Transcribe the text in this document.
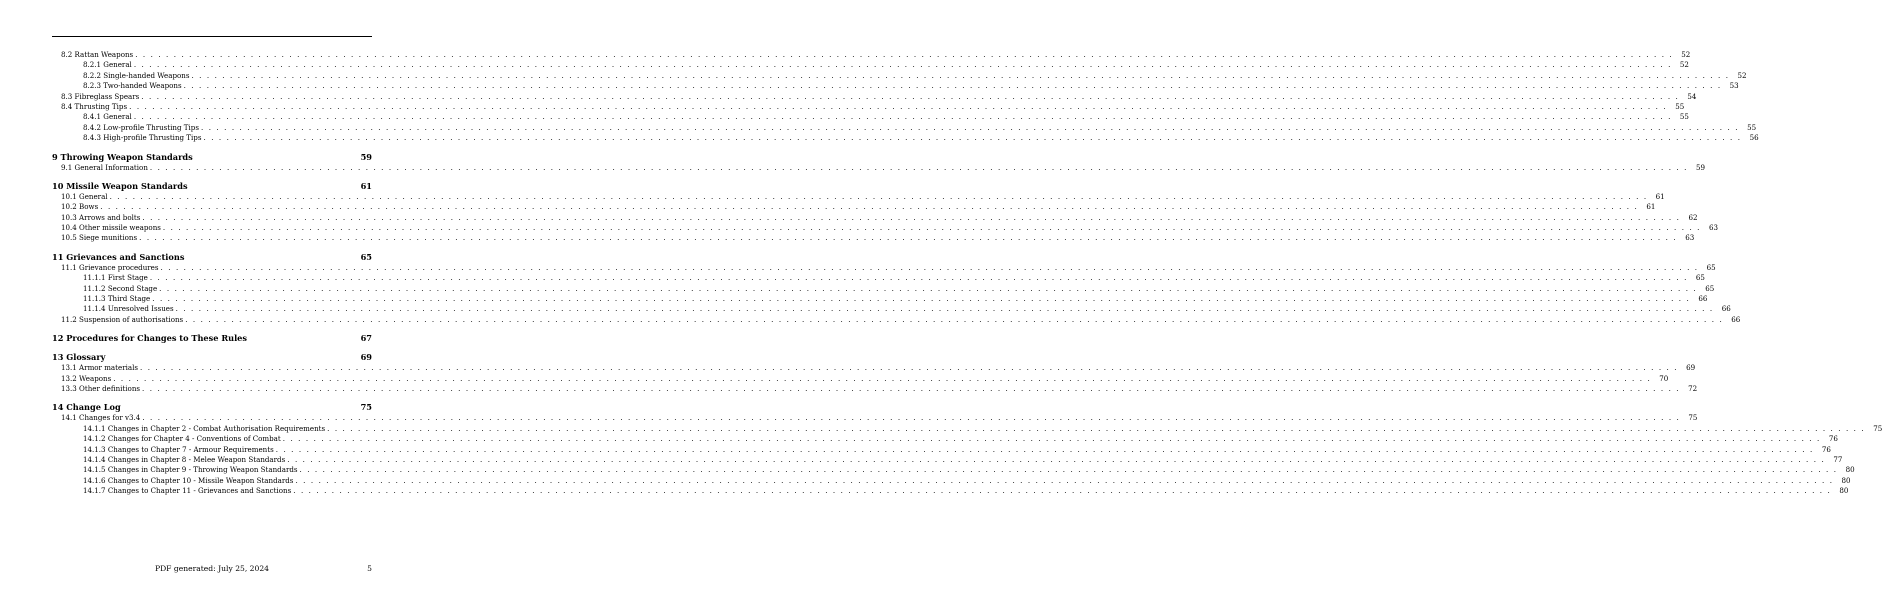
8.2 Rattan Weapons . . . . . . . . . . . . . . . . . . . . . . . . . . . . . . . . . . . . . . . . . . . . . . . . . . . . . . . . . . . . . . . . . . . . . . . . . . . . . . . . . . . . . . . . . . . . . . . . . . . . . . . . . . . . . . . . . . . . . . . . . . . . . . . . . . . . . . . . . . . . . . . . . . . . . . . . . . . . . . . . . . . . . . . . . . . . . . . . . . . . . . . . . . . . . . . . . . . . . . . .	52
8.2.1 General . . . . . . . . . . . . . . . . . . . . . . . . . . . . . . . . . . . . . . . . . . . . . . . . . . . . . . . . . . . . . . . . . . . . . . . . . . . . . . . . . . . . . . . . . . . . . . . . . . . . . . . . . . . . . . . . . . . . . . . . . . . . . . . . . . . . . . . . . . . . . . . . . . . . . . . . . . . . . . . . . . . . . . . . . . . . . . . . . . . . . . . . . . . . . . . . . . . . . . . .	52
8.2.2 Single-handed Weapons . . . . . . . . . . . . . . . . . . . . . . . . . . . . . . . . . . . . . . . . . . . . . . . . . . . . . . . . . . . . . . . . . . . . . . . . . . . . . . . . . . . . . . . . . . . . . . . . . . . . . . . . . . . . . . . . . . . . . . . . . . . . . . . . . . . . . . . . . . . . . . . . . . . . . . . . . . . . . . . . . . . . . . . . . . . . . . . . . . . . . . . . . . . . . . . . . . . . . . . .	52
8.2.3 Two-handed Weapons . . . . . . . . . . . . . . . . . . . . . . . . . . . . . . . . . . . . . . . . . . . . . . . . . . . . . . . . . . . . . . . . . . . . . . . . . . . . . . . . . . . . . . . . . . . . . . . . . . . . . . . . . . . . . . . . . . . . . . . . . . . . . . . . . . . . . . . . . . . . . . . . . . . . . . . . . . . . . . . . . . . . . . . . . . . . . . . . . . . . . . . . . . . . . . . . . . . . . . . .	53
8.3 Fibreglass Spears . . . . . . . . . . . . . . . . . . . . . . . . . . . . . . . . . . . . . . . . . . . . . . . . . . . . . . . . . . . . . . . . . . . . . . . . . . . . . . . . . . . . . . . . . . . . . . . . . . . . . . . . . . . . . . . . . . . . . . . . . . . . . . . . . . . . . . . . . . . . . . . . . . . . . . . . . . . . . . . . . . . . . . . . . . . . . . . . . . . . . . . . . . . . . . . . . . . . . . . .	54
8.4 Thrusting Tips . . . . . . . . . . . . . . . . . . . . . . . . . . . . . . . . . . . . . . . . . . . . . . . . . . . . . . . . . . . . . . . . . . . . . . . . . . . . . . . . . . . . . . . . . . . . . . . . . . . . . . . . . . . . . . . . . . . . . . . . . . . . . . . . . . . . . . . . . . . . . . . . . . . . . . . . . . . . . . . . . . . . . . . . . . . . . . . . . . . . . . . . . . . . . . . . . . . . . . . .	55
8.4.1 General . . . . . . . . . . . . . . . . . . . . . . . . . . . . . . . . . . . . . . . . . . . . . . . . . . . . . . . . . . . . . . . . . . . . . . . . . . . . . . . . . . . . . . . . . . . . . . . . . . . . . . . . . . . . . . . . . . . . . . . . . . . . . . . . . . . . . . . . . . . . . . . . . . . . . . . . . . . . . . . . . . . . . . . . . . . . . . . . . . . . . . . . . . . . . . . . . . . . . . . .	55
8.4.2 Low-profile Thrusting Tips . . . . . . . . . . . . . . . . . . . . . . . . . . . . . . . . . . . . . . . . . . . . . . . . . . . . . . . . . . . . . . . . . . . . . . . . . . . . . . . . . . . . . . . . . . . . . . . . . . . . . . . . . . . . . . . . . . . . . . . . . . . . . . . . . . . . . . . . . . . . . . . . . . . . . . . . . . . . . . . . . . . . . . . . . . . . . . . . . . . . . . . . . . . . . . . . . . . . . . . .	55
8.4.3 High-profile Thrusting Tips . . . . . . . . . . . . . . . . . . . . . . . . . . . . . . . . . . . . . . . . . . . . . . . . . . . . . . . . . . . . . . . . . . . . . . . . . . . . . . . . . . . . . . . . . . . . . . . . . . . . . . . . . . . . . . . . . . . . . . . . . . . . . . . . . . . . . . . . . . . . . . . . . . . . . . . . . . . . . . . . . . . . . . . . . . . . . . . . . . . . . . . . . . . . . . . . . . . . . . . .	56
9 Throwing Weapon Standards	59
9.1 General Information . . . . . . . . . . . . . . . . . . . . . . . . . . . . . . . . . . . . . . . . . . . . . . . . . . . . . . . . . . . . . . . . . . . . . . . . . . . . . . . . . . . . . . . . . . . . . . . . . . . . . . . . . . . . . . . . . . . . . . . . . . . . . . . . . . . . . . . . . . . . . . . . . . . . . . . . . . . . . . . . . . . . . . . . . . . . . . . . . . . . . . . . . . . . . . . . . . . . . . . .	59
10 Missile Weapon Standards	61
10.1 General . . . . . . . . . . . . . . . . . . . . . . . . . . . . . . . . . . . . . . . . . . . . . . . . . . . . . . . . . . . . . . . . . . . . . . . . . . . . . . . . . . . . . . . . . . . . . . . . . . . . . . . . . . . . . . . . . . . . . . . . . . . . . . . . . . . . . . . . . . . . . . . . . . . . . . . . . . . . . . . . . . . . . . . . . . . . . . . . . . . . . . . . . . . . . . . . . . . . . . . .	61
10.2 Bows . . . . . . . . . . . . . . . . . . . . . . . . . . . . . . . . . . . . . . . . . . . . . . . . . . . . . . . . . . . . . . . . . . . . . . . . . . . . . . . . . . . . . . . . . . . . . . . . . . . . . . . . . . . . . . . . . . . . . . . . . . . . . . . . . . . . . . . . . . . . . . . . . . . . . . . . . . . . . . . . . . . . . . . . . . . . . . . . . . . . . . . . . . . . . . . . . . . . . . . .	61
10.3 Arrows and bolts . . . . . . . . . . . . . . . . . . . . . . . . . . . . . . . . . . . . . . . . . . . . . . . . . . . . . . . . . . . . . . . . . . . . . . . . . . . . . . . . . . . . . . . . . . . . . . . . . . . . . . . . . . . . . . . . . . . . . . . . . . . . . . . . . . . . . . . . . . . . . . . . . . . . . . . . . . . . . . . . . . . . . . . . . . . . . . . . . . . . . . . . . . . . . . . . . . . . . . . .	62
10.4 Other missile weapons . . . . . . . . . . . . . . . . . . . . . . . . . . . . . . . . . . . . . . . . . . . . . . . . . . . . . . . . . . . . . . . . . . . . . . . . . . . . . . . . . . . . . . . . . . . . . . . . . . . . . . . . . . . . . . . . . . . . . . . . . . . . . . . . . . . . . . . . . . . . . . . . . . . . . . . . . . . . . . . . . . . . . . . . . . . . . . . . . . . . . . . . . . . . . . . . . . . . . . . .	63
10.5 Siege munitions . . . . . . . . . . . . . . . . . . . . . . . . . . . . . . . . . . . . . . . . . . . . . . . . . . . . . . . . . . . . . . . . . . . . . . . . . . . . . . . . . . . . . . . . . . . . . . . . . . . . . . . . . . . . . . . . . . . . . . . . . . . . . . . . . . . . . . . . . . . . . . . . . . . . . . . . . . . . . . . . . . . . . . . . . . . . . . . . . . . . . . . . . . . . . . . . . . . . . . . .	63
11 Grievances and Sanctions	65
11.1 Grievance procedures . . . . . . . . . . . . . . . . . . . . . . . . . . . . . . . . . . . . . . . . . . . . . . . . . . . . . . . . . . . . . . . . . . . . . . . . . . . . . . . . . . . . . . . . . . . . . . . . . . . . . . . . . . . . . . . . . . . . . . . . . . . . . . . . . . . . . . . . . . . . . . . . . . . . . . . . . . . . . . . . . . . . . . . . . . . . . . . . . . . . . . . . . . . . . . . . . . . . . . . .	65
11.1.1 First Stage . . . . . . . . . . . . . . . . . . . . . . . . . . . . . . . . . . . . . . . . . . . . . . . . . . . . . . . . . . . . . . . . . . . . . . . . . . . . . . . . . . . . . . . . . . . . . . . . . . . . . . . . . . . . . . . . . . . . . . . . . . . . . . . . . . . . . . . . . . . . . . . . . . . . . . . . . . . . . . . . . . . . . . . . . . . . . . . . . . . . . . . . . . . . . . . . . . . . . . . .	65
11.1.2 Second Stage . . . . . . . . . . . . . . . . . . . . . . . . . . . . . . . . . . . . . . . . . . . . . . . . . . . . . . . . . . . . . . . . . . . . . . . . . . . . . . . . . . . . . . . . . . . . . . . . . . . . . . . . . . . . . . . . . . . . . . . . . . . . . . . . . . . . . . . . . . . . . . . . . . . . . . . . . . . . . . . . . . . . . . . . . . . . . . . . . . . . . . . . . . . . . . . . . . . . . . . .	65
11.1.3 Third Stage . . . . . . . . . . . . . . . . . . . . . . . . . . . . . . . . . . . . . . . . . . . . . . . . . . . . . . . . . . . . . . . . . . . . . . . . . . . . . . . . . . . . . . . . . . . . . . . . . . . . . . . . . . . . . . . . . . . . . . . . . . . . . . . . . . . . . . . . . . . . . . . . . . . . . . . . . . . . . . . . . . . . . . . . . . . . . . . . . . . . . . . . . . . . . . . . . . . . . . . .	66
11.1.4 Unresolved Issues . . . . . . . . . . . . . . . . . . . . . . . . . . . . . . . . . . . . . . . . . . . . . . . . . . . . . . . . . . . . . . . . . . . . . . . . . . . . . . . . . . . . . . . . . . . . . . . . . . . . . . . . . . . . . . . . . . . . . . . . . . . . . . . . . . . . . . . . . . . . . . . . . . . . . . . . . . . . . . . . . . . . . . . . . . . . . . . . . . . . . . . . . . . . . . . . . . . . . . . .	66
11.2 Suspension of authorisations . . . . . . . . . . . . . . . . . . . . . . . . . . . . . . . . . . . . . . . . . . . . . . . . . . . . . . . . . . . . . . . . . . . . . . . . . . . . . . . . . . . . . . . . . . . . . . . . . . . . . . . . . . . . . . . . . . . . . . . . . . . . . . . . . . . . . . . . . . . . . . . . . . . . . . . . . . . . . . . . . . . . . . . . . . . . . . . . . . . . . . . . . . . . . . . . . . . . . . . .	66
12 Procedures for Changes to These Rules	67
13 Glossary	69
13.1 Armor materials . . . . . . . . . . . . . . . . . . . . . . . . . . . . . . . . . . . . . . . . . . . . . . . . . . . . . . . . . . . . . . . . . . . . . . . . . . . . . . . . . . . . . . . . . . . . . . . . . . . . . . . . . . . . . . . . . . . . . . . . . . . . . . . . . . . . . . . . . . . . . . . . . . . . . . . . . . . . . . . . . . . . . . . . . . . . . . . . . . . . . . . . . . . . . . . . . . . . . . . .	69
13.2 Weapons . . . . . . . . . . . . . . . . . . . . . . . . . . . . . . . . . . . . . . . . . . . . . . . . . . . . . . . . . . . . . . . . . . . . . . . . . . . . . . . . . . . . . . . . . . . . . . . . . . . . . . . . . . . . . . . . . . . . . . . . . . . . . . . . . . . . . . . . . . . . . . . . . . . . . . . . . . . . . . . . . . . . . . . . . . . . . . . . . . . . . . . . . . . . . . . . . . . . . . . .	70
13.3 Other definitions . . . . . . . . . . . . . . . . . . . . . . . . . . . . . . . . . . . . . . . . . . . . . . . . . . . . . . . . . . . . . . . . . . . . . . . . . . . . . . . . . . . . . . . . . . . . . . . . . . . . . . . . . . . . . . . . . . . . . . . . . . . . . . . . . . . . . . . . . . . . . . . . . . . . . . . . . . . . . . . . . . . . . . . . . . . . . . . . . . . . . . . . . . . . . . . . . . . . . . . .	72
14 Change Log	75
14.1 Changes for v3.4 . . . . . . . . . . . . . . . . . . . . . . . . . . . . . . . . . . . . . . . . . . . . . . . . . . . . . . . . . . . . . . . . . . . . . . . . . . . . . . . . . . . . . . . . . . . . . . . . . . . . . . . . . . . . . . . . . . . . . . . . . . . . . . . . . . . . . . . . . . . . . . . . . . . . . . . . . . . . . . . . . . . . . . . . . . . . . . . . . . . . . . . . . . . . . . . . . . . . . . . .	75
14.1.1 Changes in Chapter 2 - Combat Authorisation Requirements . . . . . . . . . . . . . . . . . . . . . . . . . . . . . . . . . . . . . . . . . . . . . . . . . . . . . . . . . . . . . . . . . . . . . . . . . . . . . . . . . . . . . . . . . . . . . . . . . . . . . . . . . . . . . . . . . . . . . . . . . . . . . . . . . . . . . . . . . . . . . . . . . . . . . . . . . . . . . . . . . . . . . . . . . . . . . . . . . . . . . . . . . . . . . . . . . . . . . . . .	75
14.1.2 Changes for Chapter 4 - Conventions of Combat . . . . . . . . . . . . . . . . . . . . . . . . . . . . . . . . . . . . . . . . . . . . . . . . . . . . . . . . . . . . . . . . . . . . . . . . . . . . . . . . . . . . . . . . . . . . . . . . . . . . . . . . . . . . . . . . . . . . . . . . . . . . . . . . . . . . . . . . . . . . . . . . . . . . . . . . . . . . . . . . . . . . . . . . . . . . . . . . . . . . . . . . . . . . . . . . . . . . . . . .	76
14.1.3 Changes to Chapter 7 - Armour Requirements . . . . . . . . . . . . . . . . . . . . . . . . . . . . . . . . . . . . . . . . . . . . . . . . . . . . . . . . . . . . . . . . . . . . . . . . . . . . . . . . . . . . . . . . . . . . . . . . . . . . . . . . . . . . . . . . . . . . . . . . . . . . . . . . . . . . . . . . . . . . . . . . . . . . . . . . . . . . . . . . . . . . . . . . . . . . . . . . . . . . . . . . . . . . . . . . . . . . . . . .	76
14.1.4 Changes in Chapter 8 - Melee Weapon Standards . . . . . . . . . . . . . . . . . . . . . . . . . . . . . . . . . . . . . . . . . . . . . . . . . . . . . . . . . . . . . . . . . . . . . . . . . . . . . . . . . . . . . . . . . . . . . . . . . . . . . . . . . . . . . . . . . . . . . . . . . . . . . . . . . . . . . . . . . . . . . . . . . . . . . . . . . . . . . . . . . . . . . . . . . . . . . . . . . . . . . . . . . . . . . . . . . . . . . . . .	77
14.1.5 Changes in Chapter 9 - Throwing Weapon Standards . . . . . . . . . . . . . . . . . . . . . . . . . . . . . . . . . . . . . . . . . . . . . . . . . . . . . . . . . . . . . . . . . . . . . . . . . . . . . . . . . . . . . . . . . . . . . . . . . . . . . . . . . . . . . . . . . . . . . . . . . . . . . . . . . . . . . . . . . . . . . . . . . . . . . . . . . . . . . . . . . . . . . . . . . . . . . . . . . . . . . . . . . . . . . . . . . . . . . . . .	80
14.1.6 Changes to Chapter 10 - Missile Weapon Standards . . . . . . . . . . . . . . . . . . . . . . . . . . . . . . . . . . . . . . . . . . . . . . . . . . . . . . . . . . . . . . . . . . . . . . . . . . . . . . . . . . . . . . . . . . . . . . . . . . . . . . . . . . . . . . . . . . . . . . . . . . . . . . . . . . . . . . . . . . . . . . . . . . . . . . . . . . . . . . . . . . . . . . . . . . . . . . . . . . . . . . . . . . . . . . . . . . . . . . . .	80
14.1.7 Changes to Chapter 11 - Grievances and Sanctions . . . . . . . . . . . . . . . . . . . . . . . . . . . . . . . . . . . . . . . . . . . . . . . . . . . . . . . . . . . . . . . . . . . . . . . . . . . . . . . . . . . . . . . . . . . . . . . . . . . . . . . . . . . . . . . . . . . . . . . . . . . . . . . . . . . . . . . . . . . . . . . . . . . . . . . . . . . . . . . . . . . . . . . . . . . . . . . . . . . . . . . . . . . . . . . . . . . . . . . .	80
PDF generated: July 25, 2024	5
